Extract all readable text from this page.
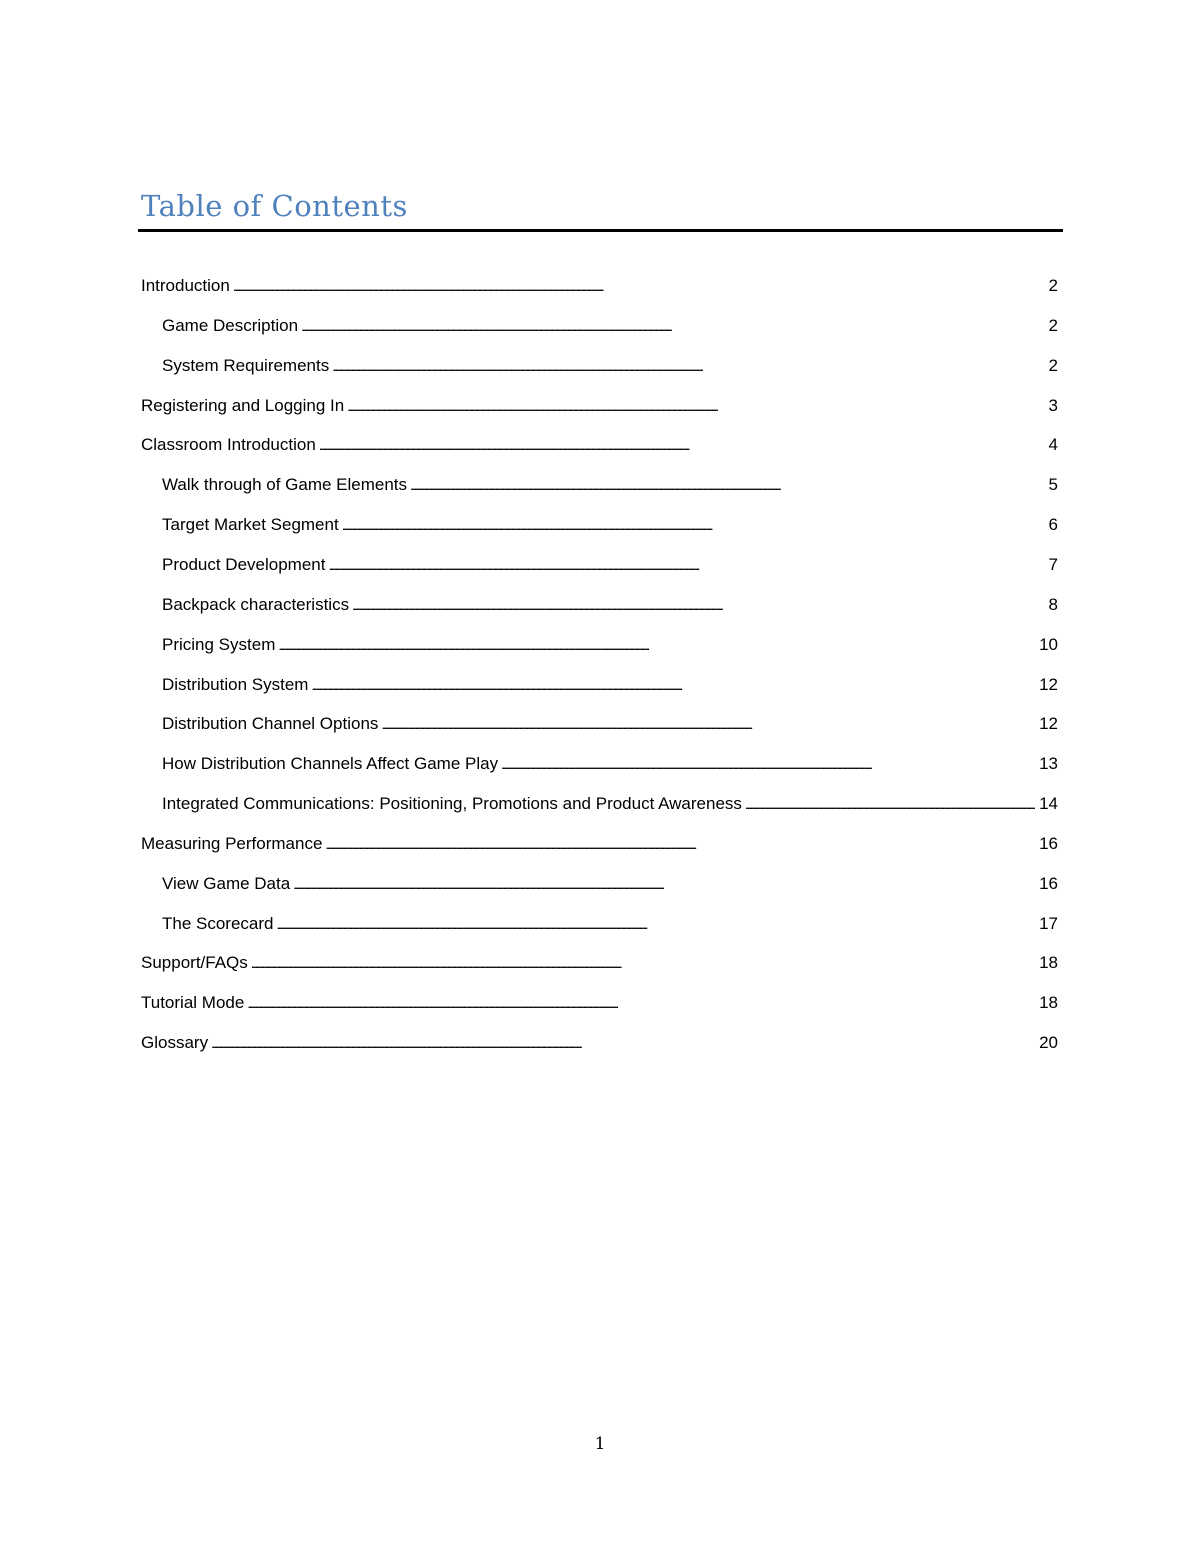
Table of Contents
Introduction . . .	2
Game Description . . .	2
System Requirements . . .	2
Registering and Logging In . . .	3
Classroom Introduction . . .	4
Walk through of Game Elements . . .	5
Target Market Segment . . .	6
Product Development . . .	7
Backpack characteristics . . .	8
Pricing System . . .	10
Distribution System . . .	12
Distribution Channel Options . . .	12
How Distribution Channels Affect Game Play . . .	13
Integrated Communications: Positioning, Promotions and Product Awareness . . .	14
Measuring Performance . . .	16
View Game Data . . .	16
The Scorecard . . .	17
Support/FAQs . . .	18
Tutorial Mode . . .	18
Glossary . . .	20
1
